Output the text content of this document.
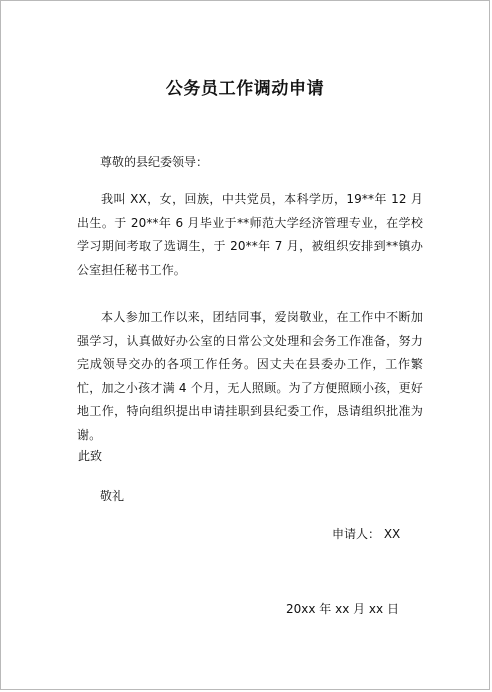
公务员工作调动申请

尊敬的县纪委领导：

我叫 XX，女，回族，中共党员，本科学历，19**年 12 月出生。于 20**年 6 月毕业于**师范大学经济管理专业，在学校学习期间考取了选调生，于 20**年 7 月，被组织安排到**镇办公室担任秘书工作。

本人参加工作以来，团结同事，爱岗敬业，在工作中不断加强学习，认真做好办公室的日常公文处理和会务工作准备，努力完成领导交办的各项工作任务。因丈夫在县委办工作，工作繁忙，加之小孩才满 4 个月，无人照顾。为了方便照顾小孩，更好地工作，特向组织提出申请挂职到县纪委工作，恳请组织批准为谢。

此致

敬礼

申请人： XX

20xx 年 xx 月 xx 日
